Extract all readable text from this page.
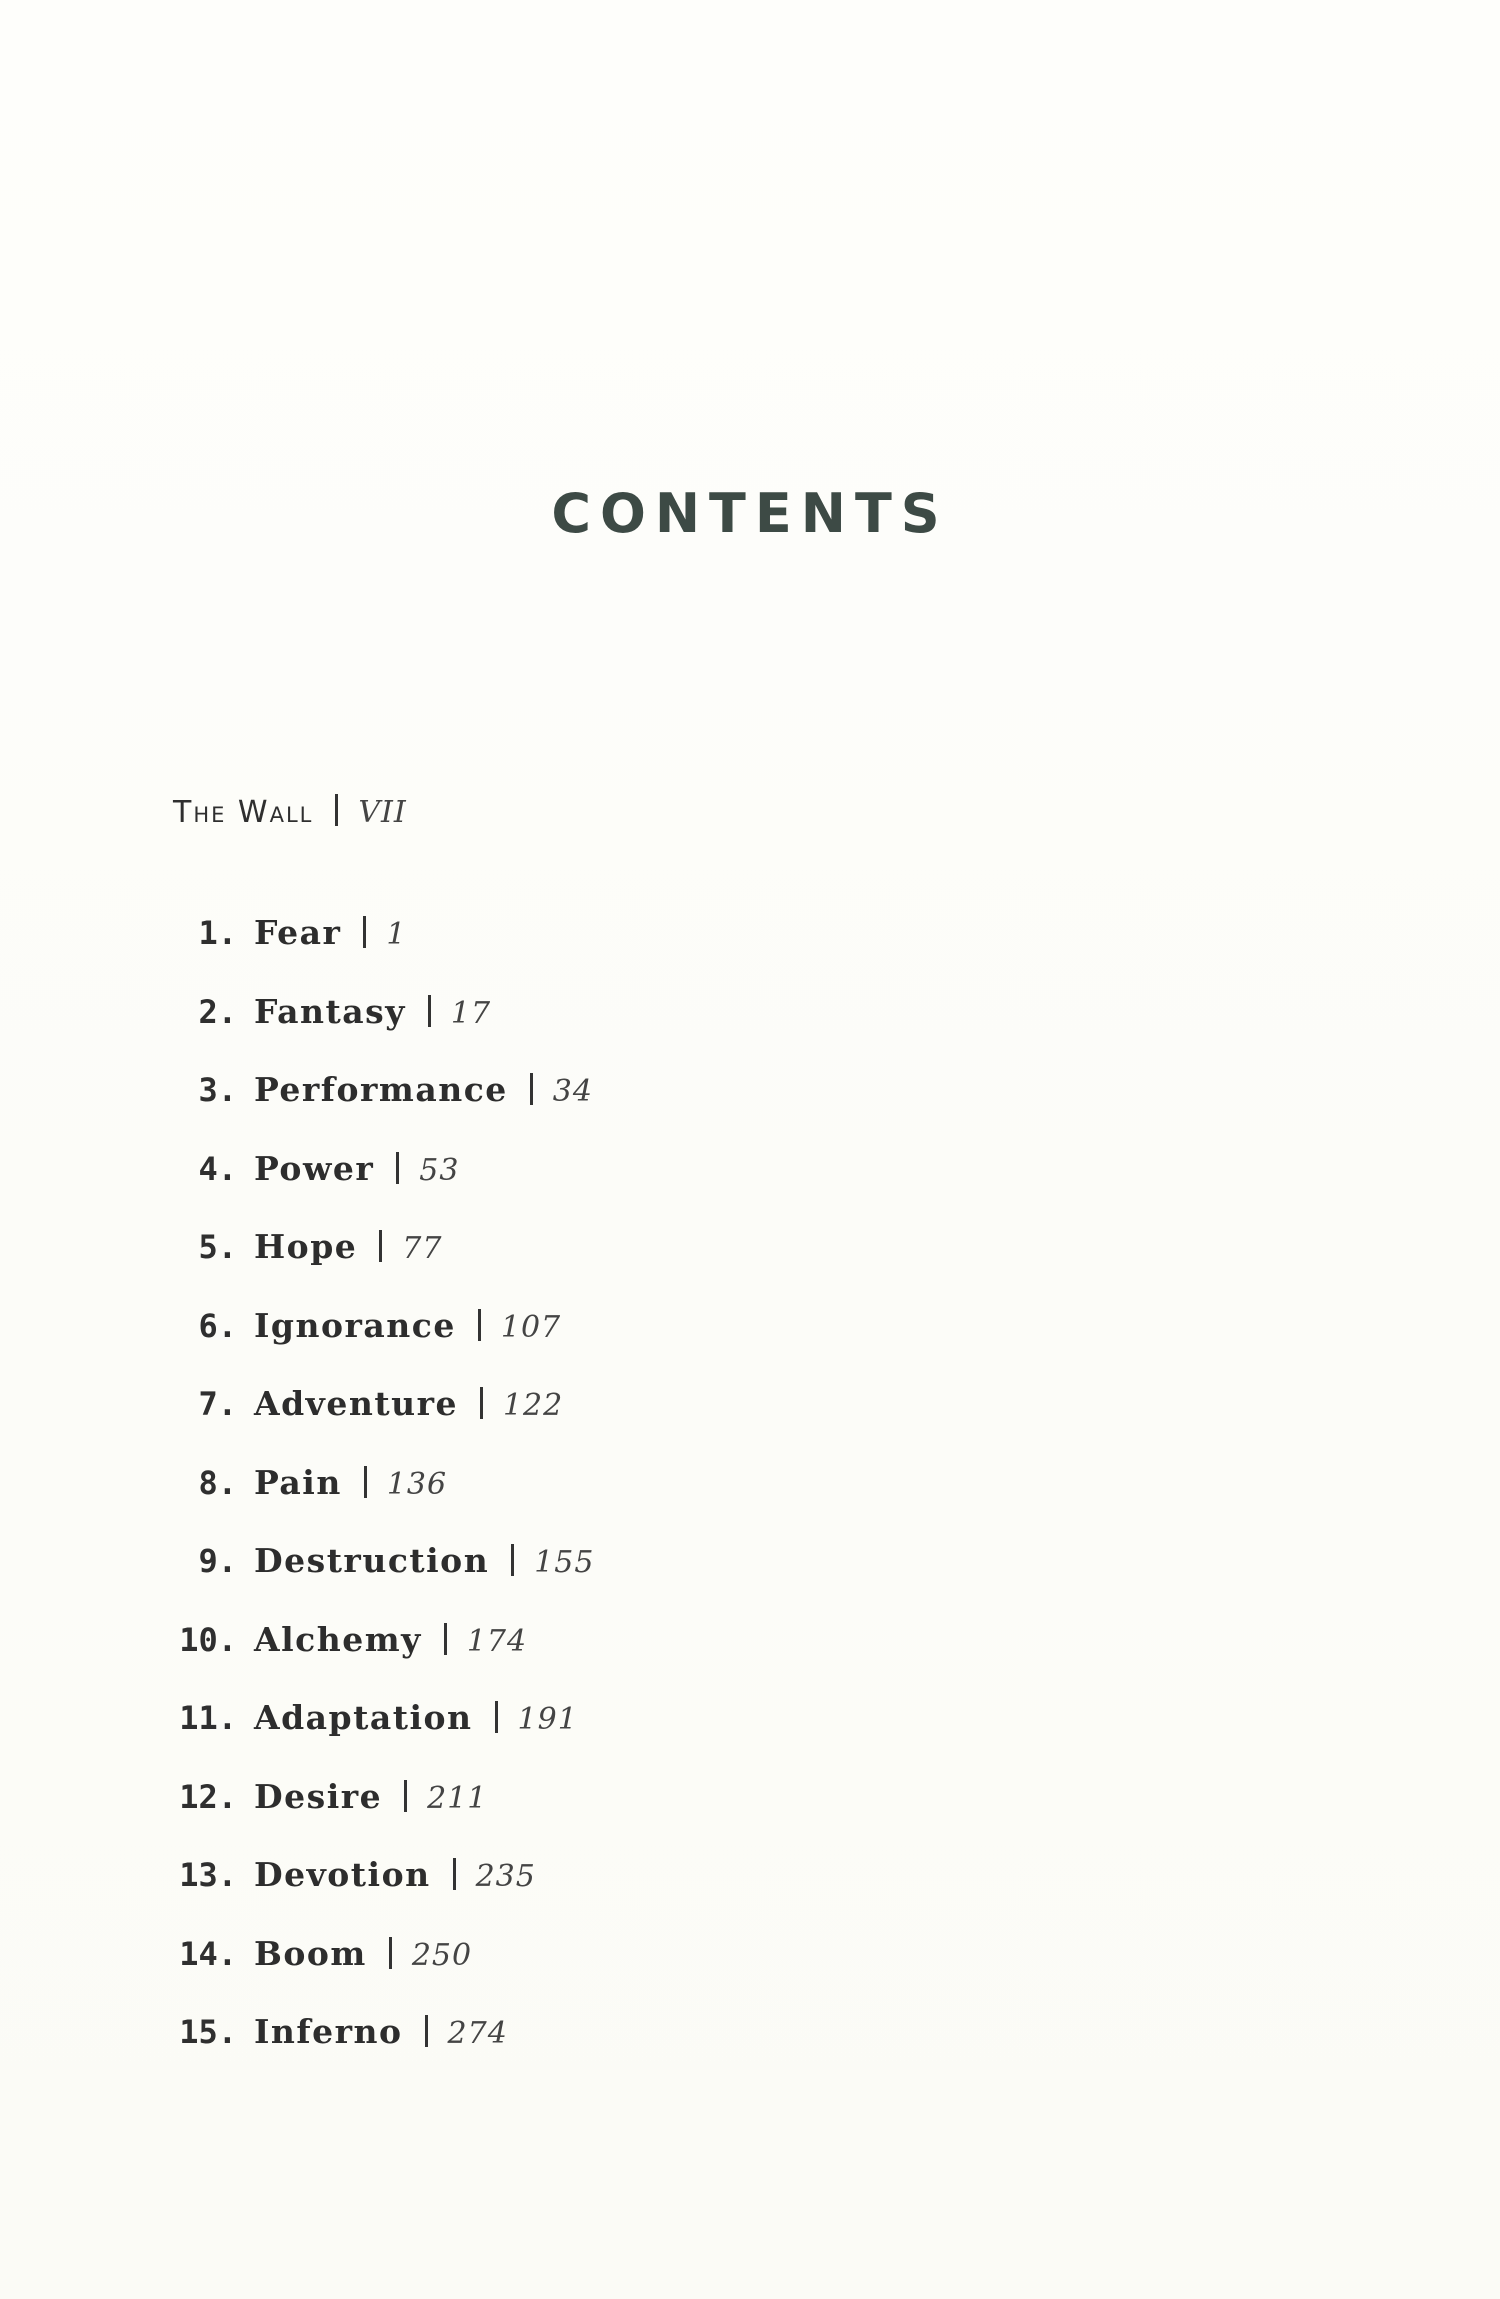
CONTENTS
The Wall VII
1. Fear 1
2. Fantasy 17
3. Performance 34
4. Power 53
5. Hope 77
6. Ignorance 107
7. Adventure 122
8. Pain 136
9. Destruction 155
10. Alchemy 174
11. Adaptation 191
12. Desire 211
13. Devotion 235
14. Boom 250
15. Inferno 274
